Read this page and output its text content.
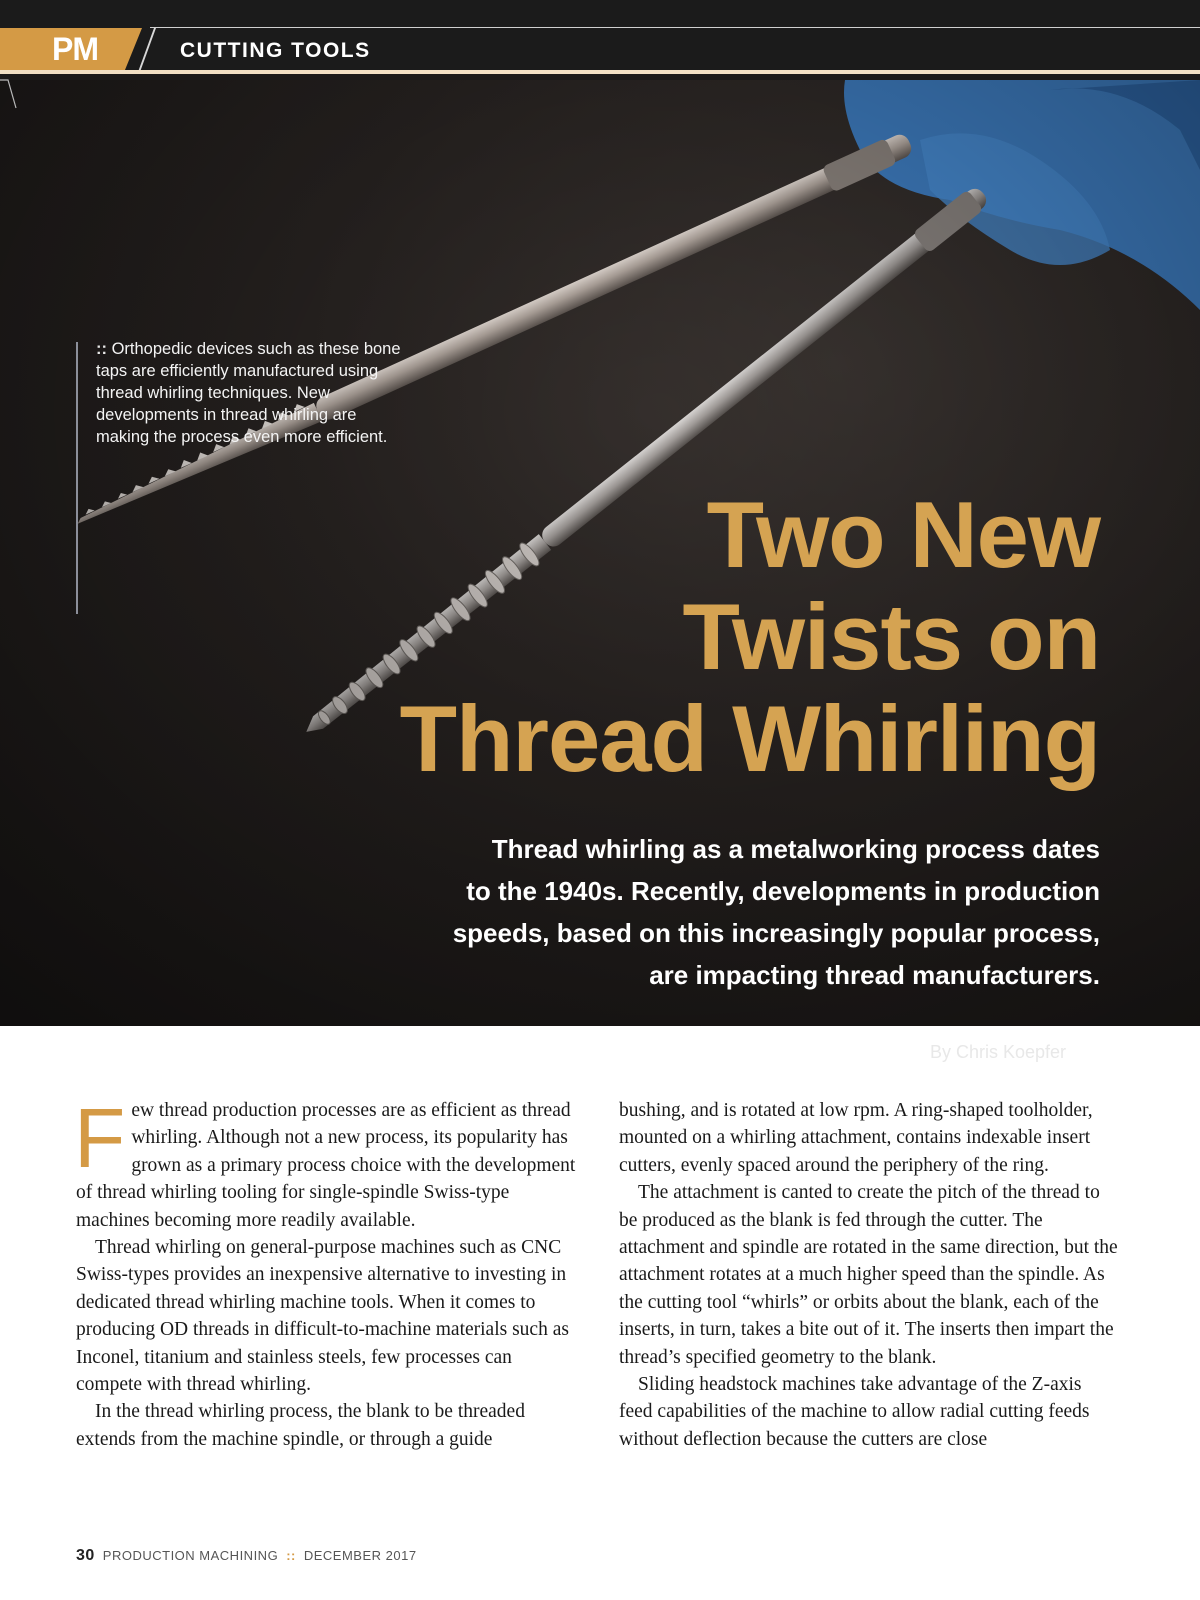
PM	CUTTING TOOLS
:: Orthopedic devices such as these bone taps are efficiently manufactured using thread whirling techniques. New developments in thread whirling are making the process even more efficient.
Two New
Twists on
Thread Whirling
Thread whirling as a metalworking process dates
to the 1940s. Recently, developments in production
speeds, based on this increasingly popular process,
are impacting thread manufacturers.
By Chris Koepfer

Few thread production processes are as efficient as thread whirling. Although not a new process, its popularity has grown as a primary process choice with the development of thread whirling tooling for single-spindle Swiss-type machines becoming more readily available.

Thread whirling on general-purpose machines such as CNC Swiss-types provides an inexpensive alternative to investing in dedicated thread whirling machine tools. When it comes to producing OD threads in difficult-to-machine materials such as Inconel, titanium and stainless steels, few processes can compete with thread whirling.

In the thread whirling process, the blank to be threaded extends from the machine spindle, or through a guide

bushing, and is rotated at low rpm. A ring-shaped toolholder, mounted on a whirling attachment, contains indexable insert cutters, evenly spaced around the periphery of the ring.

The attachment is canted to create the pitch of the thread to be produced as the blank is fed through the cutter. The attachment and spindle are rotated in the same direction, but the attachment rotates at a much higher speed than the spindle. As the cutting tool “whirls” or orbits about the blank, each of the inserts, in turn, takes a bite out of it. The inserts then impart the thread’s specified geometry to the blank.

Sliding headstock machines take advantage of the Z-axis feed capabilities of the machine to allow radial cutting feeds without deflection because the cutters are close

30 PRODUCTION MACHINING :: DECEMBER 2017
